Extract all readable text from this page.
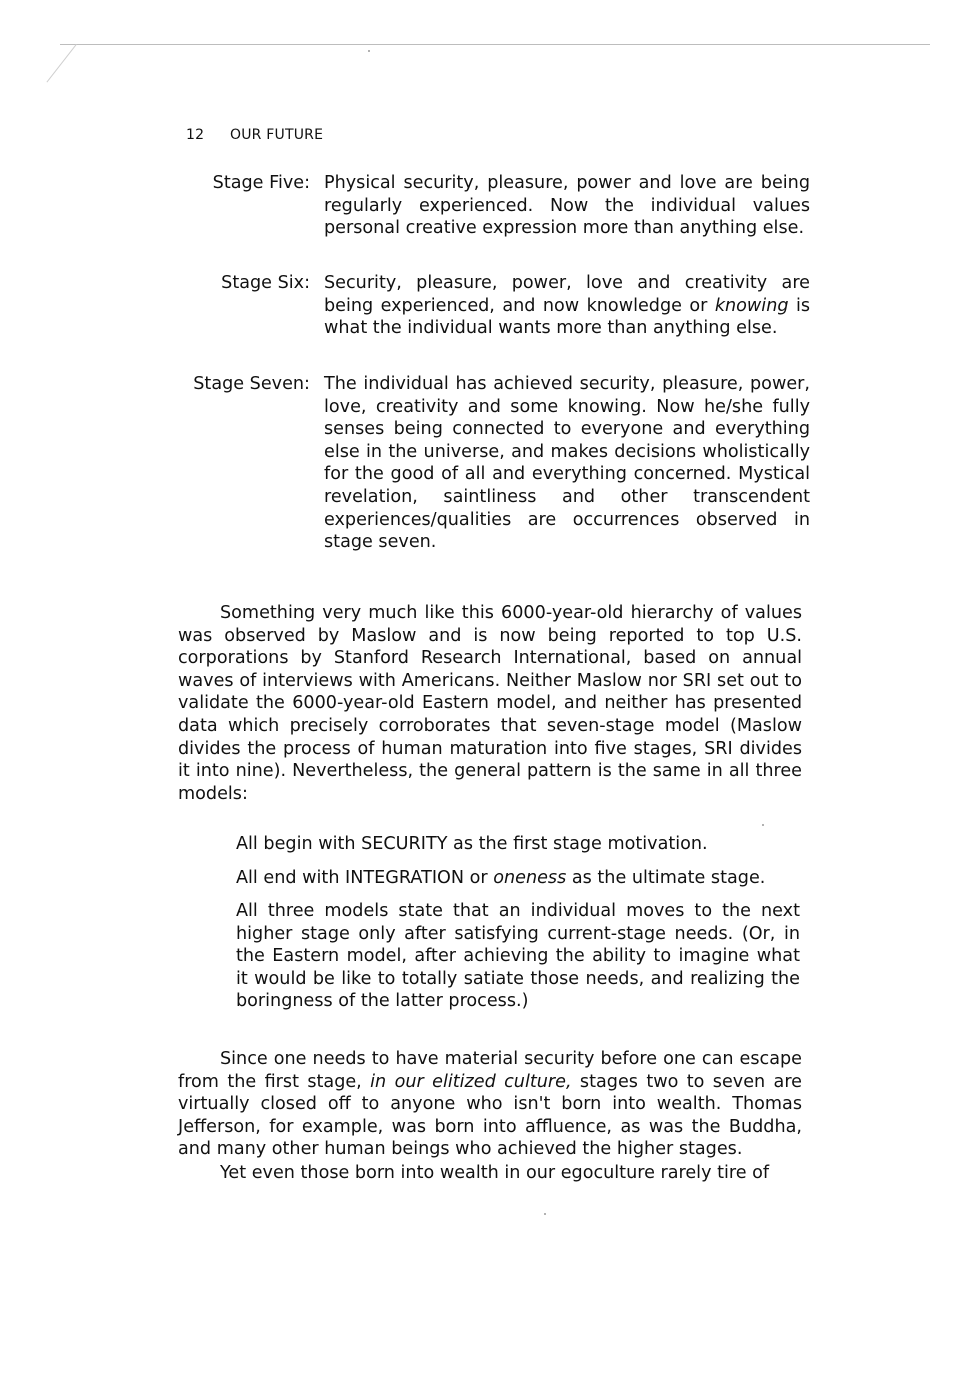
12 OUR FUTURE
Stage Five: Physical security, pleasure, power and love are being regularly experienced. Now the individual values personal creative expression more than anything else.
Stage Six: Security, pleasure, power, love and creativity are being experienced, and now knowledge or knowing is what the individual wants more than anything else.
Stage Seven: The individual has achieved security, pleasure, power, love, creativity and some knowing. Now he/she fully senses being connected to everyone and everything else in the universe, and makes decisions wholistically for the good of all and everything concerned. Mystical revelation, saintliness and other transcendent experiences/qualities are occurrences observed in stage seven.

Something very much like this 6000-year-old hierarchy of values was observed by Maslow and is now being reported to top U.S. corporations by Stanford Research International, based on annual waves of interviews with Americans. Neither Maslow nor SRI set out to validate the 6000-year-old Eastern model, and neither has presented data which precisely corroborates that seven-stage model (Maslow divides the process of human maturation into five stages, SRI divides it into nine). Nevertheless, the general pattern is the same in all three models:

All begin with SECURITY as the first stage motivation.

All end with INTEGRATION or oneness as the ultimate stage.

All three models state that an individual moves to the next higher stage only after satisfying current-stage needs. (Or, in the Eastern model, after achieving the ability to imagine what it would be like to totally satiate those needs, and realizing the boringness of the latter process.)

Since one needs to have material security before one can escape from the first stage, in our elitized culture, stages two to seven are virtually closed off to anyone who isn't born into wealth. Thomas Jefferson, for example, was born into affluence, as was the Buddha, and many other human beings who achieved the higher stages.

Yet even those born into wealth in our egoculture rarely tire of
